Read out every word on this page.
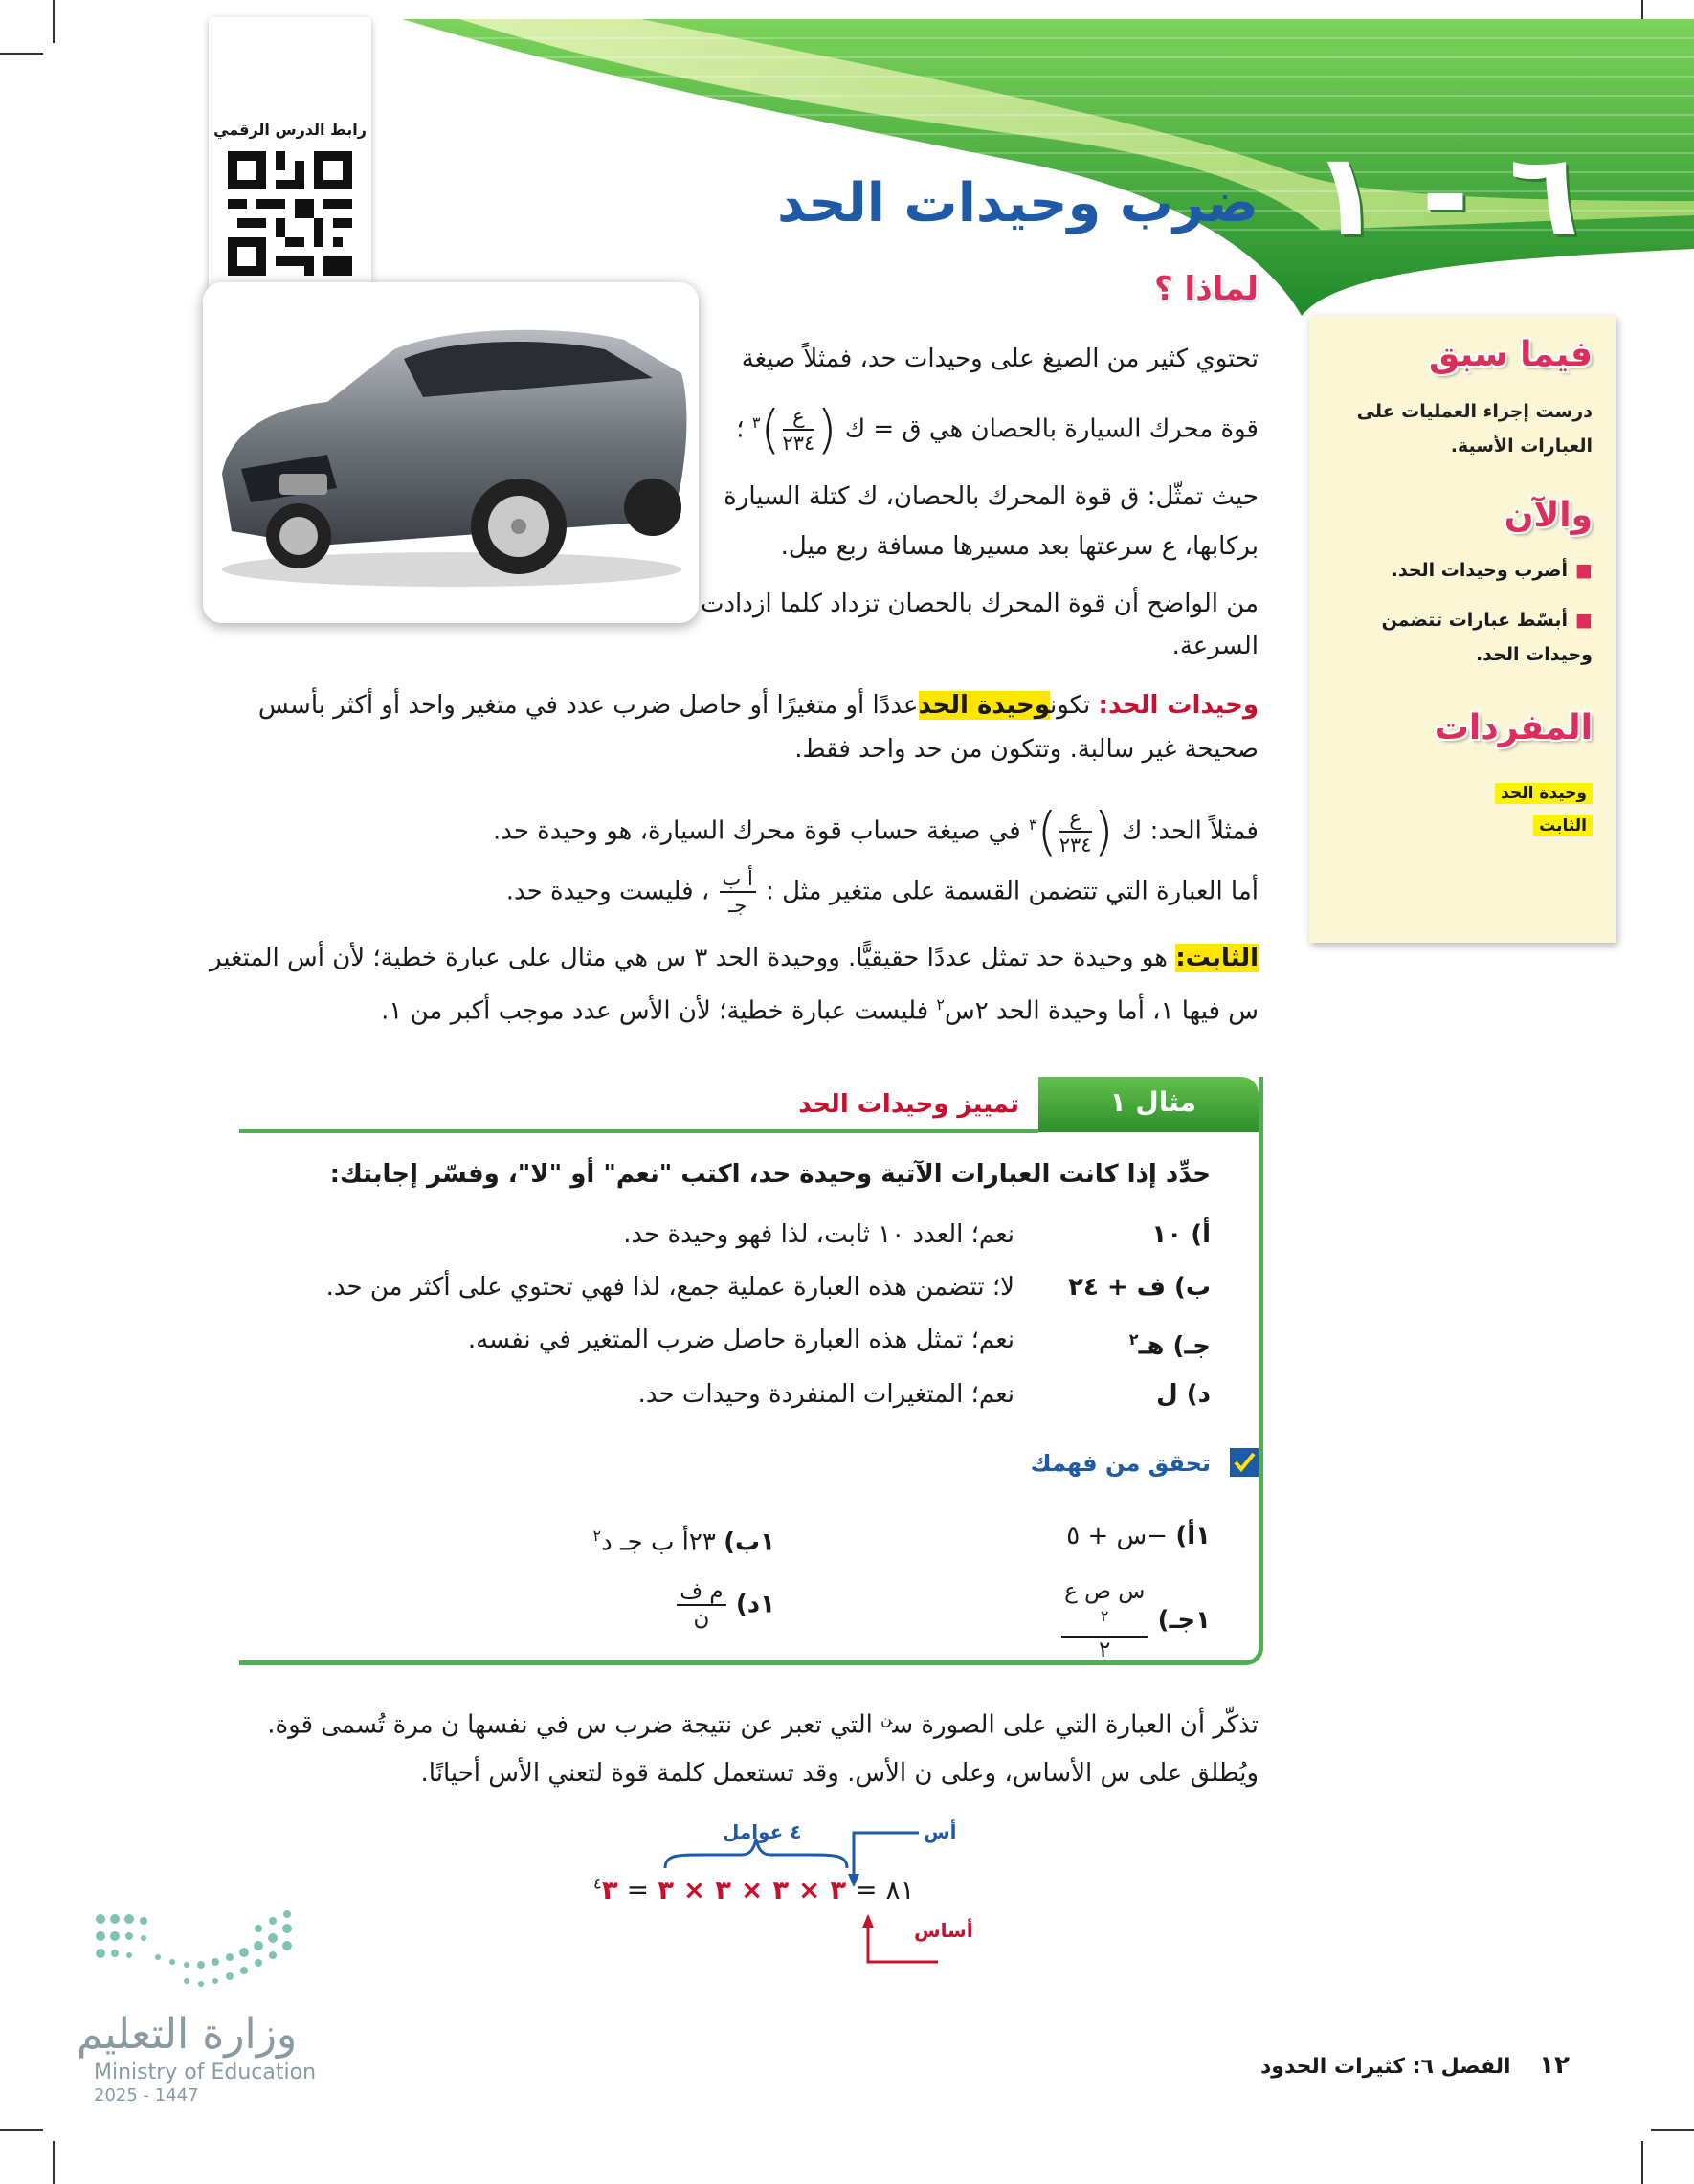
٦ - ١
ضرب وحيدات الحد
رابط الدرس الرقمي
لماذا ؟
تحتوي كثير من الصيغ على وحيدات حد، فمثلاً صيغة
قوة محرك السيارة بالحصان هي ق = ك (
$\frac{\text{ع}}{٢٣٤}$
)$^٣$ ؛
حيث تمثّل: ق قوة المحرك بالحصان، ك كتلة السيارة
بركابها، ع سرعتها بعد مسيرها مسافة ربع ميل.
من الواضح أن قوة المحرك بالحصان تزداد كلما ازدادت
السرعة.
وحيدات الحد: تكونوحيدة الحدعددًا أو متغيرًا أو حاصل ضرب عدد في متغير واحد أو أكثر بأسس
صحيحة غير سالبة. وتتكون من حد واحد فقط.
فمثلاً الحد: ك (
$\frac{\text{ع}}{٢٣٤}$
)$^٣$ في صيغة حساب قوة محرك السيارة، هو وحيدة حد.
أما العبارة التي تتضمن القسمة على متغير مثل :
$\frac{\text{أ ب}}{\text{جـ}}$
، فليست وحيدة حد.
الثابت: هو وحيدة حد تمثل عددًا حقيقيًّا. ووحيدة الحد ٣ س هي مثال على عبارة خطية؛ لأن أس المتغير
س فيها ١، أما وحيدة الحد ٢س$^٢$ فليست عبارة خطية؛ لأن الأس عدد موجب أكبر من ١.
فيما سبق
درست إجراء العمليات على العبارات الأسية.
والآن
■أضرب وحيدات الحد.
■أبسّط عبارات تتضمن وحيدات الحد.
المفردات
وحيدة الحد
الثابت
مثال ١
تمييز وحيدات الحد
حدِّد إذا كانت العبارات الآتية وحيدة حد، اكتب "نعم" أو "لا"، وفسّر إجابتك:
أ) ١٠
نعم؛ العدد ١٠ ثابت، لذا فهو وحيدة حد.
ب) ف + ٢٤
لا؛ تتضمن هذه العبارة عملية جمع، لذا فهي تحتوي على أكثر من حد.
جـ) هـ$^٢$
نعم؛ تمثل هذه العبارة حاصل ضرب المتغير في نفسه.
د) ل
نعم؛ المتغيرات المنفردة وحيدات حد.
تحقق من فهمك
١أ) −س + ٥
١ب) ٢٣أ ب جـ د$^٢$
١جـ)
س ص ع
$^٢$
٢
١د)
$\frac{\text{م ف}}{\text{ن}}$
تذكّر أن العبارة التي على الصورة س$^ن$ التي تعبر عن نتيجة ضرب س في نفسها ن مرة تُسمى قوة.
ويُطلق على س الأساس، وعلى ن الأس. وقد تستعمل كلمة قوة لتعني الأس أحيانًا.
٤ عوامل	أس
أساس
٨١ = ٣ × ٣ × ٣ × ٣ = $^٤$٣
وزارة التعليم
Ministry of Education
2025 - 1447
١٢ الفصل ٦: كثيرات الحدود
